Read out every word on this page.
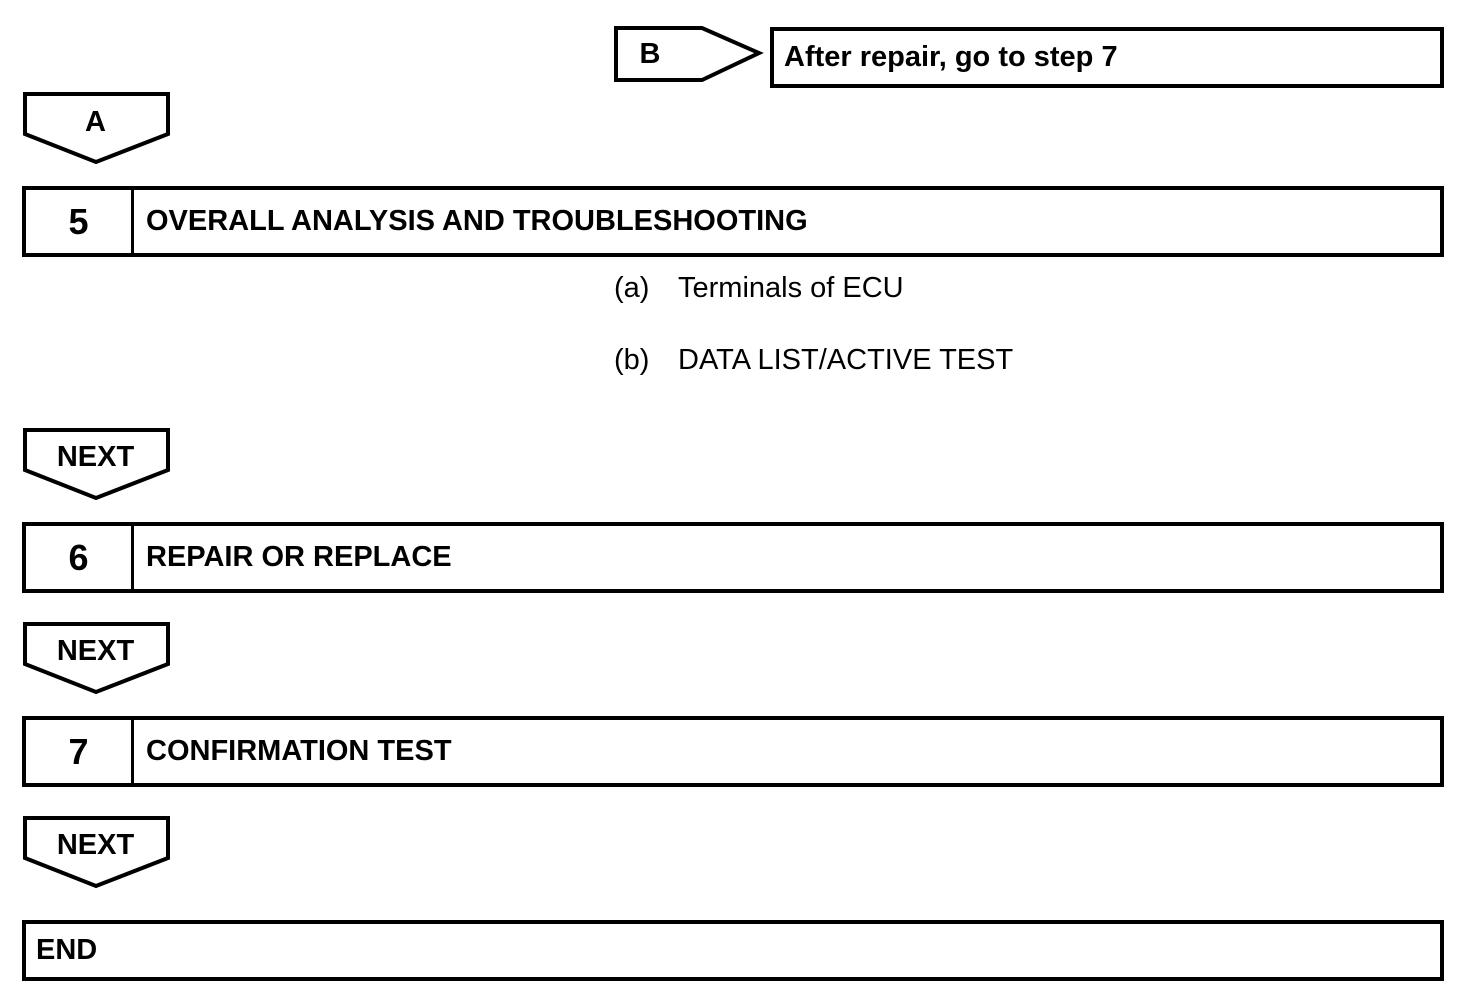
B	After repair, go to step 7
A
5	OVERALL ANALYSIS AND TROUBLESHOOTING
(a) Terminals of ECU
(b) DATA LIST/ACTIVE TEST
NEXT
6	REPAIR OR REPLACE
NEXT
7	CONFIRMATION TEST
NEXT
END
